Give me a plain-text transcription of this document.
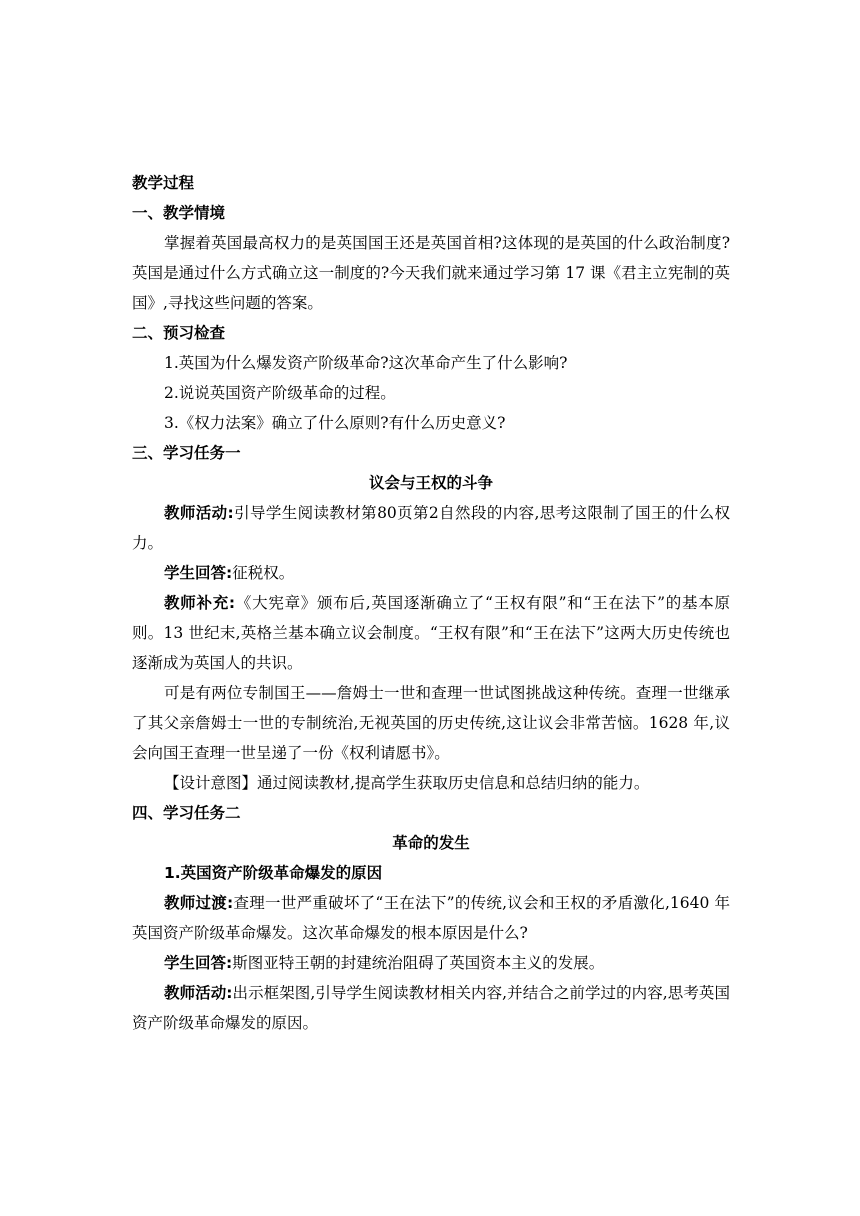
教学过程
一、教学情境
掌握着英国最高权力的是英国国王还是英国首相?这体现的是英国的什么政治制度?英国是通过什么方式确立这一制度的?今天我们就来通过学习第 17 课《君主立宪制的英国》,寻找这些问题的答案。
二、预习检查
1.英国为什么爆发资产阶级革命?这次革命产生了什么影响?
2.说说英国资产阶级革命的过程。
3.《权力法案》确立了什么原则?有什么历史意义?
三、学习任务一
议会与王权的斗争
教师活动:引导学生阅读教材第80页第2自然段的内容,思考这限制了国王的什么权力。
学生回答:征税权。
教师补充:《大宪章》颁布后,英国逐渐确立了“王权有限”和“王在法下”的基本原则。13 世纪末,英格兰基本确立议会制度。“王权有限”和“王在法下”这两大历史传统也逐渐成为英国人的共识。
可是有两位专制国王——詹姆士一世和查理一世试图挑战这种传统。查理一世继承了其父亲詹姆士一世的专制统治,无视英国的历史传统,这让议会非常苦恼。1628 年,议会向国王查理一世呈递了一份《权利请愿书》。
【设计意图】通过阅读教材,提高学生获取历史信息和总结归纳的能力。
四、学习任务二
革命的发生
1.英国资产阶级革命爆发的原因
教师过渡:查理一世严重破坏了“王在法下”的传统,议会和王权的矛盾激化,1640 年英国资产阶级革命爆发。这次革命爆发的根本原因是什么?
学生回答:斯图亚特王朝的封建统治阻碍了英国资本主义的发展。
教师活动:出示框架图,引导学生阅读教材相关内容,并结合之前学过的内容,思考英国资产阶级革命爆发的原因。
